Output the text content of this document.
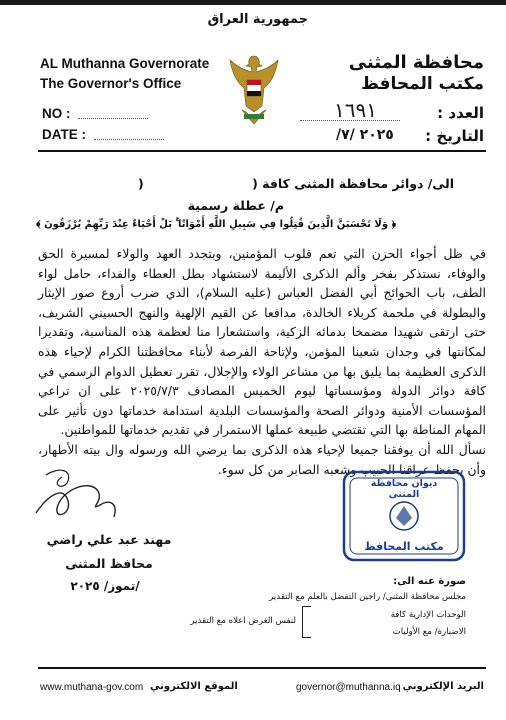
جمهورية العراق
محافظة المثنى
مكتب المحافظ
AL Muthanna Governorate
The Governor's Office
NO :
DATE :
العدد :
١٦٩١
التاريخ :
٢٠٢٥ /٧/
الى/ دوائر محافظة المثنى كافة (
)
م/ عطلة رسمية
﴿ وَلَا تَحْسَبَنَّ الَّذِينَ قُتِلُوا فِي سَبِيلِ اللَّهِ أَمْوَاتًا ۚ بَلْ أَحْيَاءٌ عِنْدَ رَبِّهِمْ يُرْزَقُونَ ﴾

في ظل أجواء الحزن التي تعم قلوب المؤمنين، وبتجدد العهد والولاء لمسيرة الحق والوفاء، نستذكر بفخر وألم الذكرى الأليمة لاستشهاد بطل العطاء والفداء، حامل لواء الطف، باب الحوائج أبي الفضل العباس (عليه السلام)، الذي ضرب أروع صور الإيثار والبطولة في ملحمة كربلاء الخالدة، مدافعا عن القيم الإلهية والنهج الحسيني الشريف، حتى ارتقى شهيدا مضمخا بدمائه الزكية، واستشعارا منا لعظمة هذه المناسبة، وتقديرا لمكانتها في وجدان شعبنا المؤمن، ولإتاحة الفرصة لأبناء محافظتنا الكرام لإحياء هذه الذكرى العظيمة بما يليق بها من مشاعر الولاء والإجلال، تقرر تعطيل الدوام الرسمي في كافة دوائر الدولة ومؤسساتها ليوم الخميس المصادف ٢٠٢٥/٧/٣ على ان تراعي المؤسسات الأمنية ودوائر الصحة والمؤسسات البلدية استدامة خدماتها دون تأثير على المهام المناطة بها التي تقتضي طبيعة عملها الاستمرار في تقديم خدماتها للمواطنين.

نسأل الله أن يوفقنا جميعا لإحياء هذه الذكرى بما يرضي الله ورسوله وال بيته الأطهار، وأن يحفظ عراقنا الحبيب وشعبه الصابر من كل سوء.

مهند عبد علي راضي
محافظ المثنى
/تموز/ ٢٠٢٥
ديوان محافظة المثنى
مكتب المحافظ
صورة عنه الى:
مجلس محافظة المثنى/ راجين التفضل بالعلم مع التقدير
الوحدات الإدارية كافة
الاضبارة/ مع الأوليات
لنفس الغرض اعلاه مع التقدير
www.muthana-gov.com الموقع الالكتروني	governor@muthanna.iq البريد الإلكتروني
